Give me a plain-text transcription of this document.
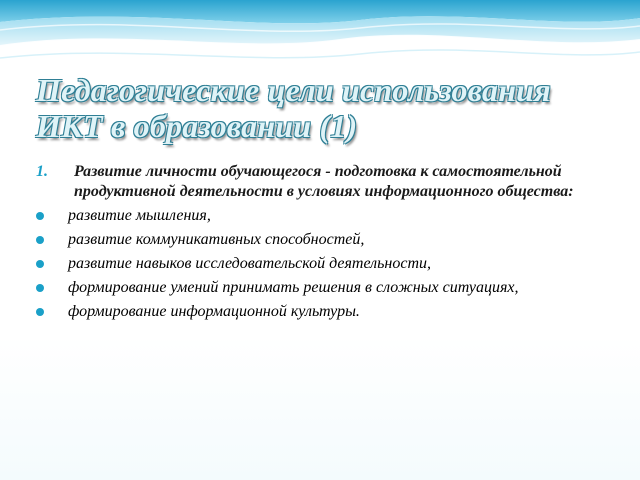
Педагогические цели использования
ИКТ в образовании (1)
1.	Развитие личности обучающегося - подготовка к самостоятельной продуктивной деятельности в условиях информационного общества:
развитие мышления,
развитие коммуникативных способностей,
развитие навыков исследовательской деятельности,
формирование умений принимать решения в сложных ситуациях,
формирование информационной культуры.
